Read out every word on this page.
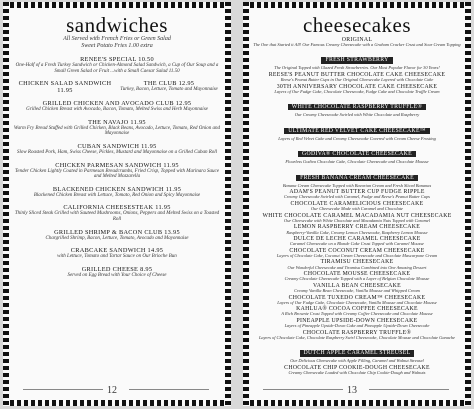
sandwiches
All Served with French Fries or Green Salad
Sweet Potato Fries 1.00 extra
RENEE'S SPECIAL 10.50
One-Half of a Fresh Turkey Sandwich or Chicken-Almond Salad Sandwich, a Cup of Our Soup and a Small Green Salad or Fruit ...with a Small Caesar Salad 11.50
CHICKEN SALAD SANDWICH 11.95
THE CLUB 12.95
Turkey, Bacon, Lettuce, Tomato and Mayonnaise
GRILLED CHICKEN AND AVOCADO CLUB 12.95
Grilled Chicken Breast with Avocado, Bacon, Tomato, Melted Swiss and Herb Mayonnaise
THE NAVAJO 11.95
Warm Fry Bread Stuffed with Grilled Chicken, Black Beans, Avocado, Lettuce, Tomato, Red Onion and Mayonnaise
CUBAN SANDWICH 11.95
Slow Roasted Pork, Ham, Swiss Cheese, Pickles, Mustard and Mayonnaise on a Grilled Cuban Roll
CHICKEN PARMESAN SANDWICH 11.95
Tender Chicken Lightly Coated in Parmesan Breadcrumbs, Fried Crisp, Topped with Marinara Sauce and Melted Mozzarella
BLACKENED CHICKEN SANDWICH 11.95
Blackened Chicken Breast with Lettuce, Tomato, Red Onion and Spicy Mayonnaise
CALIFORNIA CHEESESTEAK 11.95
Thinly Sliced Steak Grilled with Sauteed Mushrooms, Onions, Peppers and Melted Swiss on a Toasted Roll
GRILLED SHRIMP & BACON CLUB 13.95
Chargrilled Shrimp, Bacon, Lettuce, Tomato, Avocado and Mayonnaise
CRABCAKE SANDWICH 14.95
with Lettuce, Tomato and Tartar Sauce on Our Brioche Bun
GRILLED CHEESE 8.95
Served on Egg Bread with Your Choice of Cheese
12
cheesecakes
ORIGINAL
The One that Started it All! Our Famous Creamy Cheesecake with a Graham Cracker Crust and Sour Cream Topping
FRESH STRAWBERRY
The Original Topped with Glazed Fresh Strawberries. Our Most Popular Flavor for 30 Years!
REESE'S PEANUT BUTTER CHOCOLATE CAKE CHEESECAKE
Reese's Peanut Butter Cups in Our Original Cheesecake Layered with Chocolate Cake
30TH ANNIVERSARY CHOCOLATE CAKE CHEESECAKE
Layers of Our Fudge Cake, Chocolate Cheesecake, Fudge Cake and Chocolate Truffle Cream
WHITE CHOCOLATE RASPBERRY TRUFFLE®
Our Creamy Cheesecake Swirled with White Chocolate and Raspberry
ULTIMATE RED VELVET CAKE CHEESECAKE™
Layers of Red Velvet Cake and Creamy Cheesecake Covered with Cream Cheese Frosting
GODIVA® CHOCOLATE CHEESECAKE
Flourless Godiva Chocolate Cake, Chocolate Cheesecake and Chocolate Mousse
FRESH BANANA CREAM CHEESECAKE
Banana Cream Cheesecake Topped with Bavarian Cream and Fresh Sliced Bananas
ADAM'S PEANUT BUTTER CUP FUDGE RIPPLE
Creamy Cheesecake Swirled with Caramel, Fudge and Reese's Peanut Butter Cups
CHOCOLATE CARAMELICIOUS CHEESECAKE
Our Cheesecake Made with Caramel and Chocolate
WHITE CHOCOLATE CARAMEL MACADAMIA NUT CHEESECAKE
Our Cheesecake with White Chocolate and Macadamia Nuts Topped with Caramel
LEMON RASPBERRY CREAM CHEESECAKE
Raspberry-Vanilla Cake, Creamy Lemon Cheesecake, Raspberry Lemon Mousse
DULCE DE LECHE CARAMEL CHEESECAKE
Caramel Cheesecake on a Blonde Cake Crust Topped with Caramel Mousse
CHOCOLATE COCONUT CREAM CHEESECAKE
Layers of Chocolate Cake, Coconut Cream Cheesecake and Chocolate Mascarpone Cream
TIRAMISU CHEESECAKE
Our Wonderful Cheesecake and Tiramisu Combined into One Amazing Dessert
CHOCOLATE MOUSSE CHEESECAKE
Creamy Chocolate Cheesecake Topped with a Layer of Belgian Chocolate Mousse
VANILLA BEAN CHEESECAKE
Creamy Vanilla Bean Cheesecake, Vanilla Mousse and Whipped Cream
CHOCOLATE TUXEDO CREAM™ CHEESECAKE
Layers of Our Fudge Cake, Chocolate Cheesecake, Vanilla Mousse and Chocolate Mousse
KAHLUA® COCOA COFFEE CHEESECAKE
A Rich Brownie Crust Topped with Creamy Coffee Cheesecake and Chocolate Mousse
PINEAPPLE UPSIDE-DOWN CHEESECAKE
Layers of Pineapple Upside-Down Cake and Pineapple Upside-Down Cheesecake
CHOCOLATE RASPBERRY TRUFFLE®
Layers of Chocolate Cake, Chocolate Raspberry Swirl Cheesecake, Chocolate Mousse and Chocolate Ganache
DUTCH APPLE CARAMEL STREUSEL
Our Delicious Cheesecake with Apple Filling, Caramel and Walnut Streusel
CHOCOLATE CHIP COOKIE-DOUGH CHEESECAKE
Creamy Cheesecake Loaded with Chocolate Chip Cookie-Dough and Walnuts
13
